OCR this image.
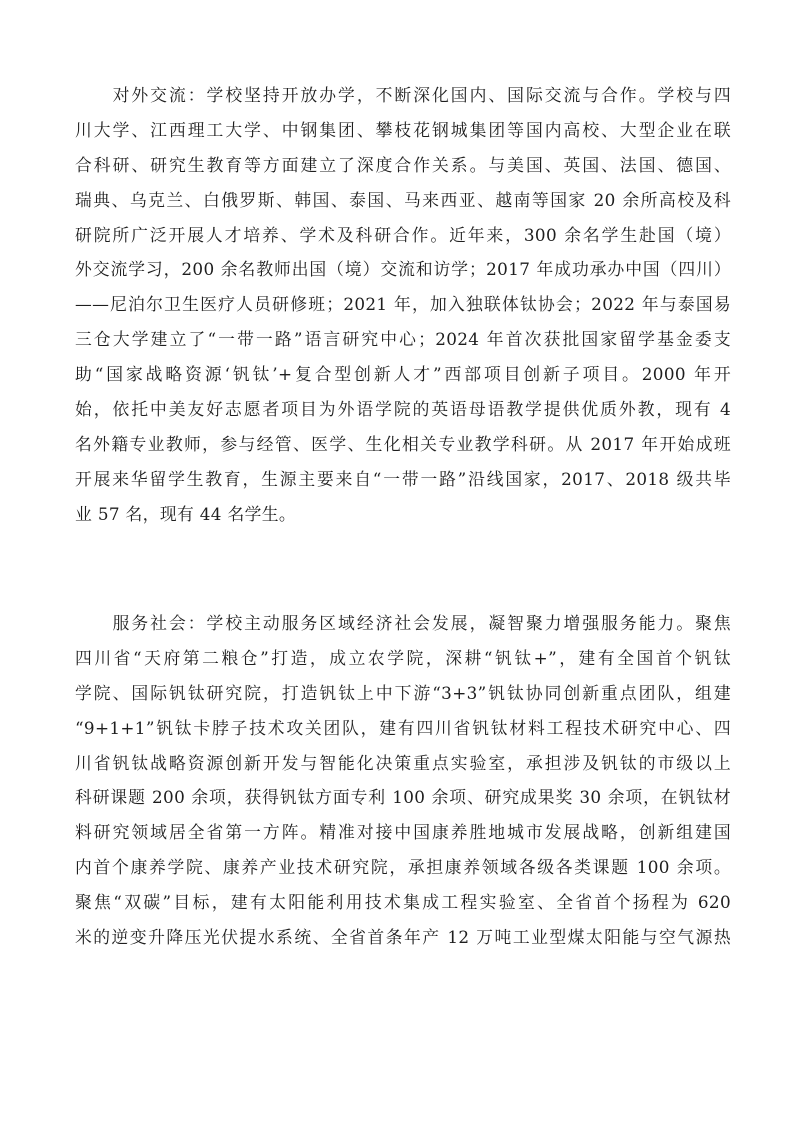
　　对外交流：学校坚持开放办学，不断深化国内、国际交流与合作。学校与四
川大学、江西理工大学、中钢集团、攀枝花钢城集团等国内高校、大型企业在联
合科研、研究生教育等方面建立了深度合作关系。与美国、英国、法国、德国、
瑞典、乌克兰、白俄罗斯、韩国、泰国、马来西亚、越南等国家 20 余所高校及科
研院所广泛开展人才培养、学术及科研合作。近年来，300 余名学生赴国（境）
外交流学习，200 余名教师出国（境）交流和访学；2017 年成功承办中国（四川）
——尼泊尔卫生医疗人员研修班；2021 年，加入独联体钛协会；2022 年与泰国易
三仓大学建立了“一带一路”语言研究中心；2024 年首次获批国家留学基金委支
助“国家战略资源‘钒钛’+复合型创新人才”西部项目创新子项目。2000 年开
始，依托中美友好志愿者项目为外语学院的英语母语教学提供优质外教，现有 4
名外籍专业教师，参与经管、医学、生化相关专业教学科研。从 2017 年开始成班
开展来华留学生教育，生源主要来自“一带一路”沿线国家，2017、2018 级共毕
业 57 名，现有 44 名学生。
　　服务社会：学校主动服务区域经济社会发展，凝智聚力增强服务能力。聚焦
四川省“天府第二粮仓”打造，成立农学院，深耕“钒钛+”，建有全国首个钒钛
学院、国际钒钛研究院，打造钒钛上中下游“3+3”钒钛协同创新重点团队，组建
“9+1+1”钒钛卡脖子技术攻关团队，建有四川省钒钛材料工程技术研究中心、四
川省钒钛战略资源创新开发与智能化决策重点实验室，承担涉及钒钛的市级以上
科研课题 200 余项，获得钒钛方面专利 100 余项、研究成果奖 30 余项，在钒钛材
料研究领域居全省第一方阵。精准对接中国康养胜地城市发展战略，创新组建国
内首个康养学院、康养产业技术研究院，承担康养领域各级各类课题 100 余项。
聚焦“双碳”目标，建有太阳能利用技术集成工程实验室、全省首个扬程为 620
米的逆变升降压光伏提水系统、全省首条年产 12 万吨工业型煤太阳能与空气源热
